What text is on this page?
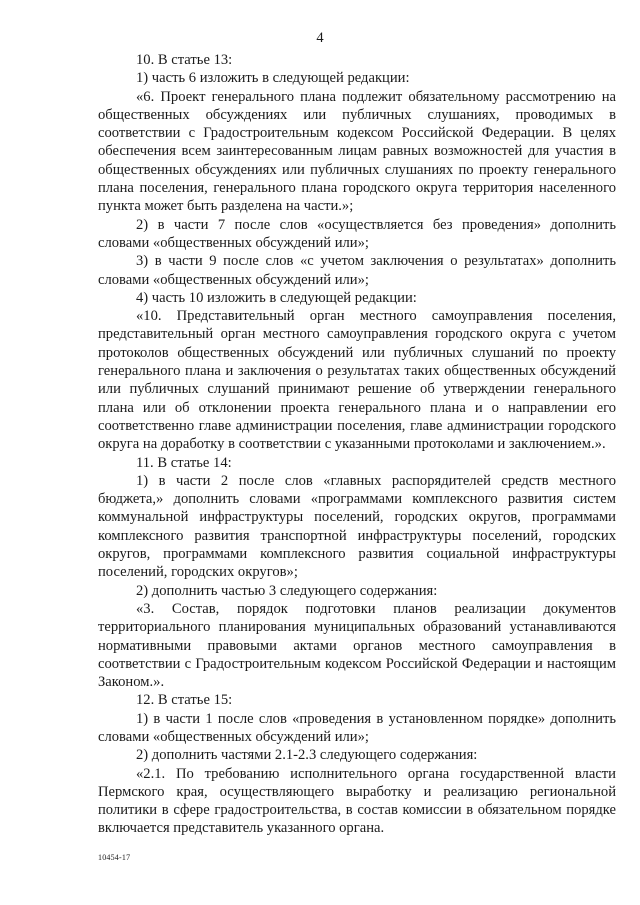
4

10. В статье 13:

1) часть 6 изложить в следующей редакции:

«6. Проект генерального плана подлежит обязательному рассмотрению на общественных обсуждениях или публичных слушаниях, проводимых в соответствии с Градостроительным кодексом Российской Федерации. В целях обеспечения всем заинтересованным лицам равных возможностей для участия в общественных обсуждениях или публичных слушаниях по проекту генерального плана поселения, генерального плана городского округа территория населенного пункта может быть разделена на части.»;

2) в части 7 после слов «осуществляется без проведения» дополнить словами «общественных обсуждений или»;

3) в части 9 после слов «с учетом заключения о результатах» дополнить словами «общественных обсуждений или»;

4) часть 10 изложить в следующей редакции:

«10. Представительный орган местного самоуправления поселения, представительный орган местного самоуправления городского округа с учетом протоколов общественных обсуждений или публичных слушаний по проекту генерального плана и заключения о результатах таких общественных обсуждений или публичных слушаний принимают решение об утверждении генерального плана или об отклонении проекта генерального плана и о направлении его соответственно главе администрации поселения, главе администрации городского округа на доработку в соответствии с указанными протоколами и заключением.».

11. В статье 14:

1) в части 2 после слов «главных распорядителей средств местного бюджета,» дополнить словами «программами комплексного развития систем коммунальной инфраструктуры поселений, городских округов, программами комплексного развития транспортной инфраструктуры поселений, городских округов, программами комплексного развития социальной инфраструктуры поселений, городских округов»;

2) дополнить частью 3 следующего содержания:

«3. Состав, порядок подготовки планов реализации документов территориального планирования муниципальных образований устанавливаются нормативными правовыми актами органов местного самоуправления в соответствии с Градостроительным кодексом Российской Федерации и настоящим Законом.».

12. В статье 15:

1) в части 1 после слов «проведения в установленном порядке» дополнить словами «общественных обсуждений или»;

2) дополнить частями 2.1-2.3 следующего содержания:

«2.1. По требованию исполнительного органа государственной власти Пермского края, осуществляющего выработку и реализацию региональной политики в сфере градостроительства, в состав комиссии в обязательном порядке включается представитель указанного органа.

10454-17
